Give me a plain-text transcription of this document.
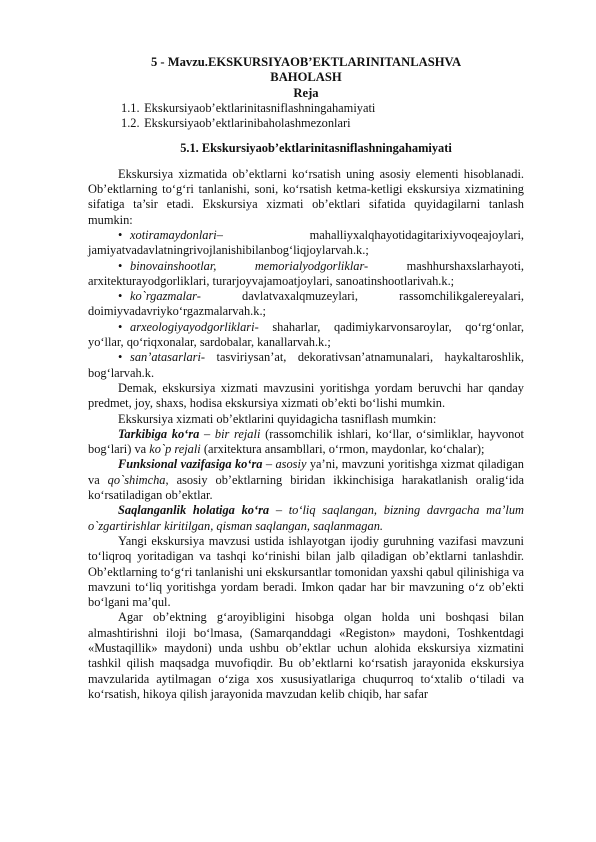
5 - Mavzu.EKSKURSIYAOB’EKTLARINITANLASHVA
BAHOLASH
Reja
1.1. Ekskursiyaob’ektlarinitasniflashningahamiyati
1.2. Ekskursiyaob’ektlarinibaholashmezonlari
5.1. Ekskursiyaob’ektlarinitasniflashningahamiyati

Ekskursiya xizmatida ob’ektlarni ko‘rsatish uning asosiy elementi hisoblanadi. Ob’ektlarning to‘g‘ri tanlanishi, soni, ko‘rsatish ketma-ketligi ekskursiya xizmatining sifatiga ta’sir etadi. Ekskursiya xizmati ob’ektlari sifatida quyidagilarni tanlash mumkin:

• xotiramaydonlari– mahalliyxalqhayotidagitarixiyvoqeajoylari, jamiyatvadavlatningrivojlanishibilanbog‘liqjoylarvah.k.;
• binovainshootlar, memorialyodgorliklar- mashhurshaxslarhayoti, arxitekturayodgorliklari, turarjoyvajamoatjoylari, sanoatinshootlarivah.k.;
• ko`rgazmalar- davlatvaxalqmuzeylari, rassomchilikgalereyalari, doimiyvadavriyko‘rgazmalarvah.k.;
• arxeologiyayodgorliklari- shaharlar, qadimiykarvonsaroylar, qo‘rg‘onlar, yo‘llar, qo‘riqxonalar, sardobalar, kanallarvah.k.;
• san’atasarlari- tasviriysan’at, dekorativsan’atnamunalari, haykaltaroshlik, bog‘larvah.k.

Demak, ekskursiya xizmati mavzusini yoritishga yordam beruvchi har qanday predmet, joy, shaxs, hodisa ekskursiya xizmati ob’ekti bo‘lishi mumkin.

Ekskursiya xizmati ob’ektlarini quyidagicha tasniflash mumkin:

Tarkibiga ko‘ra – bir rejali (rassomchilik ishlari, ko‘llar, o‘simliklar, hayvonot bog‘lari) va ko`p rejali (arxitektura ansambllari, o‘rmon, maydonlar, ko‘chalar);

Funksional vazifasiga ko‘ra – asosiy ya’ni, mavzuni yoritishga xizmat qiladigan va qo`shimcha, asosiy ob’ektlarning biridan ikkinchisiga harakatlanish oralig‘ida ko‘rsatiladigan ob’ektlar.

Saqlanganlik holatiga ko‘ra – to‘liq saqlangan, bizning davrgacha ma’lum o`zgartirishlar kiritilgan, qisman saqlangan, saqlanmagan.

Yangi ekskursiya mavzusi ustida ishlayotgan ijodiy guruhning vazifasi mavzuni to‘liqroq yoritadigan va tashqi ko‘rinishi bilan jalb qiladigan ob’ektlarni tanlashdir. Ob’ektlarning to‘g‘ri tanlanishi uni ekskursantlar tomonidan yaxshi qabul qilinishiga va mavzuni to‘liq yoritishga yordam beradi. Imkon qadar har bir mavzuning o‘z ob’ekti bo‘lgani ma’qul.

Agar ob’ektning g‘aroyibligini hisobga olgan holda uni boshqasi bilan almashtirishni iloji bo‘lmasa, (Samarqanddagi «Registon» maydoni, Toshkentdagi «Mustaqillik» maydoni) unda ushbu ob’ektlar uchun alohida ekskursiya xizmatini tashkil qilish maqsadga muvofiqdir. Bu ob’ektlarni ko‘rsatish jarayonida ekskursiya mavzularida aytilmagan o‘ziga xos xususiyatlariga chuqurroq to‘xtalib o‘tiladi va ko‘rsatish, hikoya qilish jarayonida mavzudan kelib chiqib, har safar
